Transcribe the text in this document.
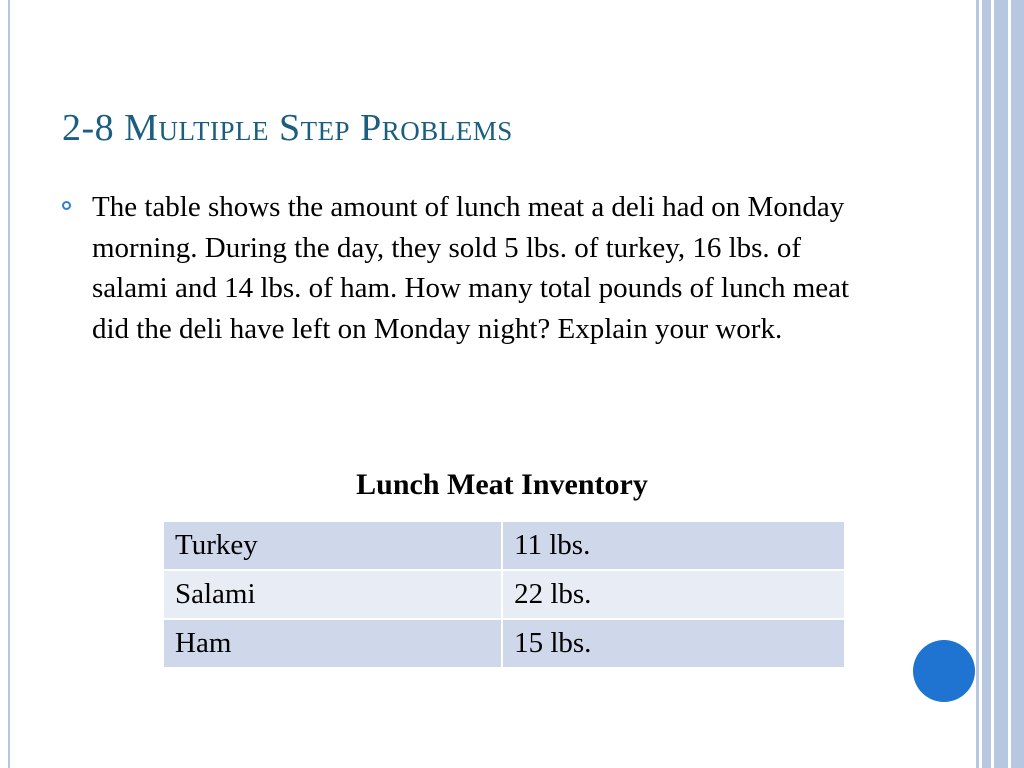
2-8 Multiple Step Problems
The table shows the amount of lunch meat a deli had on Monday morning. During the day, they sold 5 lbs. of turkey, 16 lbs. of salami and 14 lbs. of ham. How many total pounds of lunch meat did the deli have left on Monday night? Explain your work.
Lunch Meat Inventory
Turkey	11 lbs.
Salami	22 lbs.
Ham	15 lbs.
